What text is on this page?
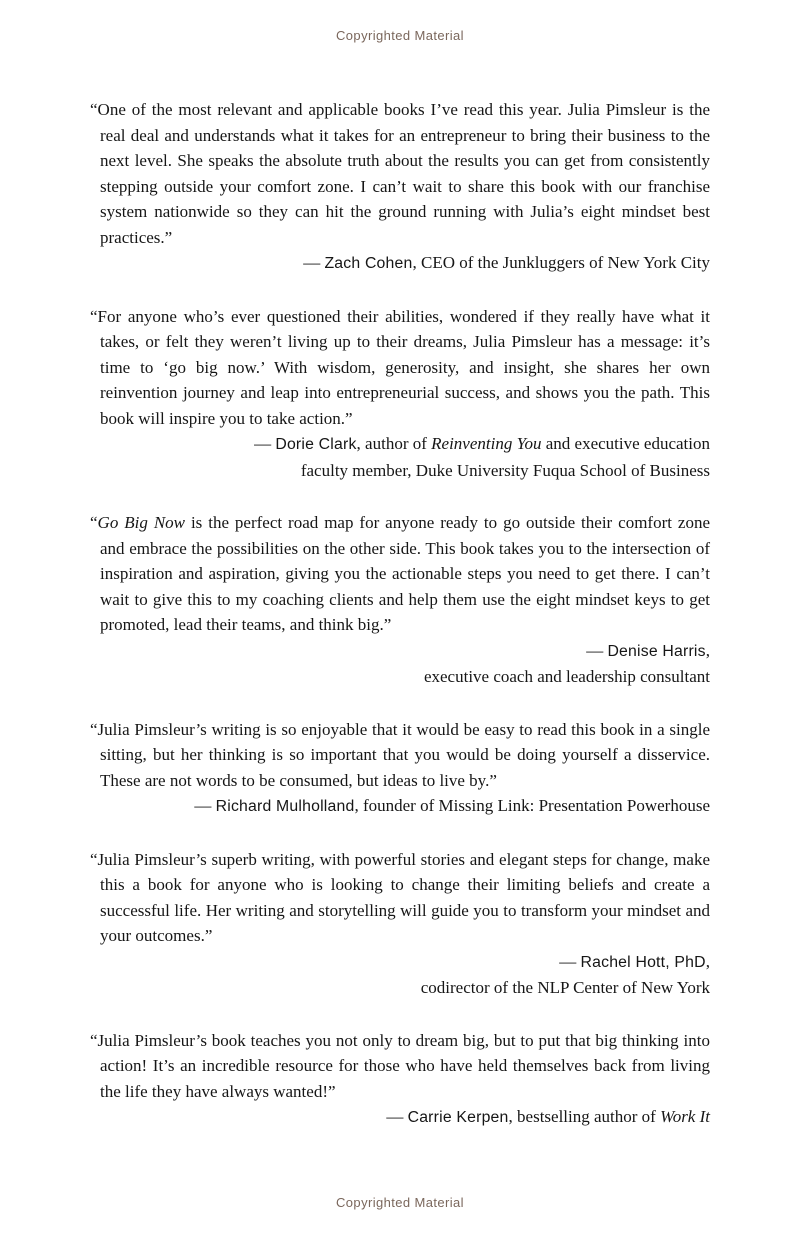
Copyrighted Material

“One of the most relevant and applicable books I’ve read this year. Julia Pimsleur is the real deal and understands what it takes for an entrepreneur to bring their business to the next level. She speaks the absolute truth about the results you can get from consistently stepping outside your comfort zone. I can’t wait to share this book with our franchise system nationwide so they can hit the ground running with Julia’s eight mindset best practices.”

— Zach Cohen, CEO of the Junkluggers of New York City

“For anyone who’s ever questioned their abilities, wondered if they really have what it takes, or felt they weren’t living up to their dreams, Julia Pimsleur has a message: it’s time to ‘go big now.’ With wisdom, generosity, and insight, she shares her own reinvention journey and leap into entrepreneurial success, and shows you the path. This book will inspire you to take action.”

— Dorie Clark, author of Reinventing You and executive education
faculty member, Duke University Fuqua School of Business

“Go Big Now is the perfect road map for anyone ready to go outside their comfort zone and embrace the possibilities on the other side. This book takes you to the intersection of inspiration and aspiration, giving you the actionable steps you need to get there. I can’t wait to give this to my coaching clients and help them use the eight mindset keys to get promoted, lead their teams, and think big.”

— Denise Harris,
executive coach and leadership consultant

“Julia Pimsleur’s writing is so enjoyable that it would be easy to read this book in a single sitting, but her thinking is so important that you would be doing yourself a disservice. These are not words to be consumed, but ideas to live by.”

— Richard Mulholland, founder of Missing Link: Presentation Powerhouse

“Julia Pimsleur’s superb writing, with powerful stories and elegant steps for change, make this a book for anyone who is looking to change their limiting beliefs and create a successful life. Her writing and storytelling will guide you to transform your mindset and your outcomes.”

— Rachel Hott, PhD,
codirector of the NLP Center of New York

“Julia Pimsleur’s book teaches you not only to dream big, but to put that big thinking into action! It’s an incredible resource for those who have held themselves back from living the life they have always wanted!”

— Carrie Kerpen, bestselling author of Work It
Copyrighted Material
